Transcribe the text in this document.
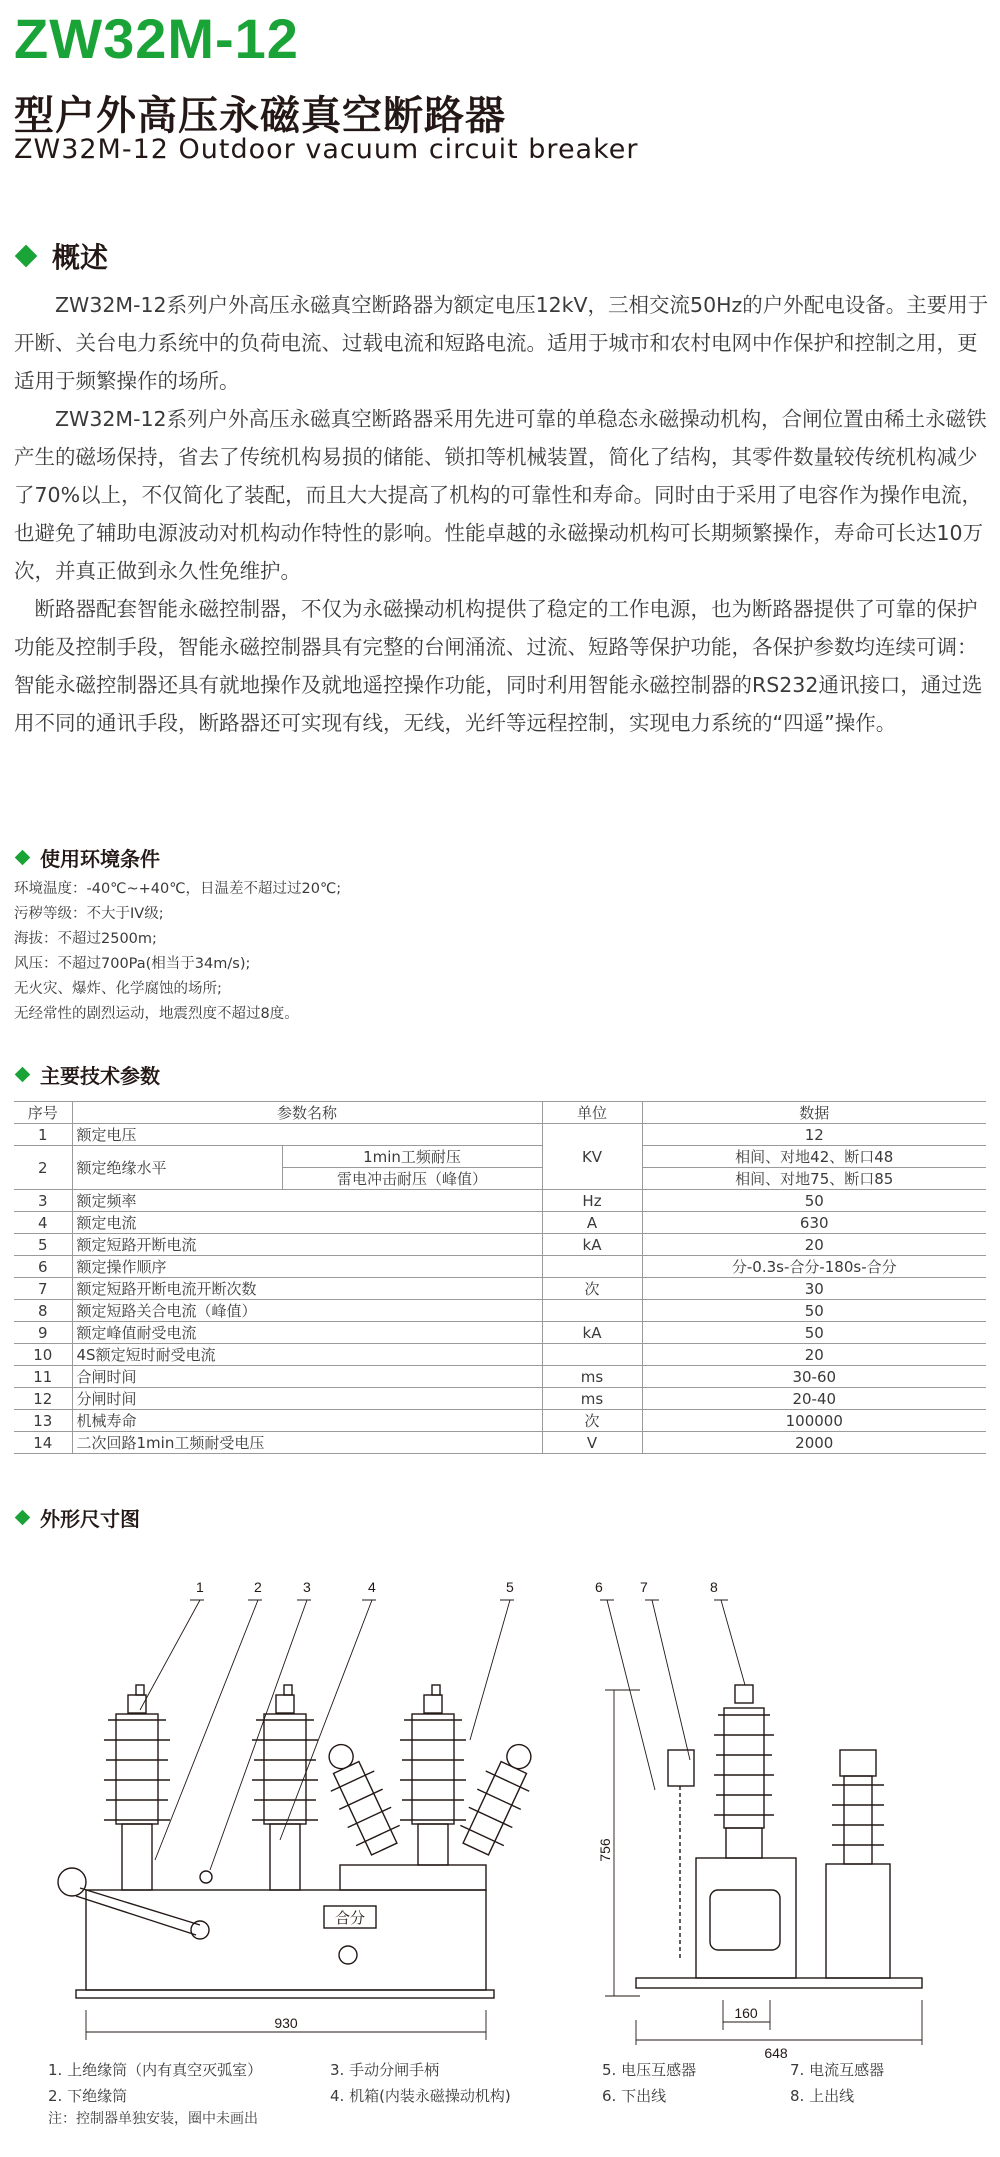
ZW32M-12
型户外高压永磁真空断路器
ZW32M-12 Outdoor vacuum circuit breaker
概述

　　ZW32M-12系列户外高压永磁真空断路器为额定电压12kV，三相交流50Hz的户外配电设备。主要用于开断、关台电力系统中的负荷电流、过载电流和短路电流。适用于城市和农村电网中作保护和控制之用，更适用于频繁操作的场所。

　　ZW32M-12系列户外高压永磁真空断路器采用先进可靠的单稳态永磁操动机构，合闸位置由稀土永磁铁产生的磁场保持，省去了传统机构易损的储能、锁扣等机械装置，简化了结构，其零件数量较传统机构减少了70%以上，不仅简化了装配，而且大大提高了机构的可靠性和寿命。同时由于采用了电容作为操作电流，也避免了辅助电源波动对机构动作特性的影响。性能卓越的永磁操动机构可长期频繁操作，寿命可长达10万次，并真正做到永久性免维护。

　断路器配套智能永磁控制器，不仅为永磁操动机构提供了稳定的工作电源，也为断路器提供了可靠的保护功能及控制手段，智能永磁控制器具有完整的台闸涌流、过流、短路等保护功能，各保护参数均连续可调：智能永磁控制器还具有就地操作及就地遥控操作功能，同时利用智能永磁控制器的RS232通讯接口，通过选用不同的通讯手段，断路器还可实现有线，无线，光纤等远程控制，实现电力系统的“四遥”操作。

使用环境条件
环境温度：-40℃~+40℃，日温差不超过过20℃;
污秽等级：不大于IV级;
海拔：不超过2500m;
风压：不超过700Pa(相当于34m/s);
无火灾、爆炸、化学腐蚀的场所;
无经常性的剧烈运动，地震烈度不超过8度。
主要技术参数
序号	参数名称		单位	数据
1	额定电压		KV	12
2	额定绝缘水平	1min工频耐压		相间、对地42、断口48
		雷电冲击耐压（峰值）		相间、对地75、断口85
3	额定频率		Hz	50
4	额定电流		A	630
5	额定短路开断电流		kA	20
6	额定操作顺序			分-0.3s-合分-180s-合分
7	额定短路开断电流开断次数		次	30
8	额定短路关合电流（峰值）			50
9	额定峰值耐受电流		kA	50
10	4S额定短时耐受电流			20
11	合闸时间		ms	30-60
12	分闸时间		ms	20-40
13	机械寿命		次	100000
14	二次回路1min工频耐受电压		V	2000
外形尺寸图
合分
930
1	2	3	4	5	6	7	8
756
160
648
1. 上绝缘筒（内有真空灭弧室）
2. 下绝缘筒
3. 手动分闸手柄
4. 机箱(内装永磁操动机构)
5. 电压互感器
6. 下出线
7. 电流互感器
8. 上出线
注：控制器单独安装，圈中未画出
